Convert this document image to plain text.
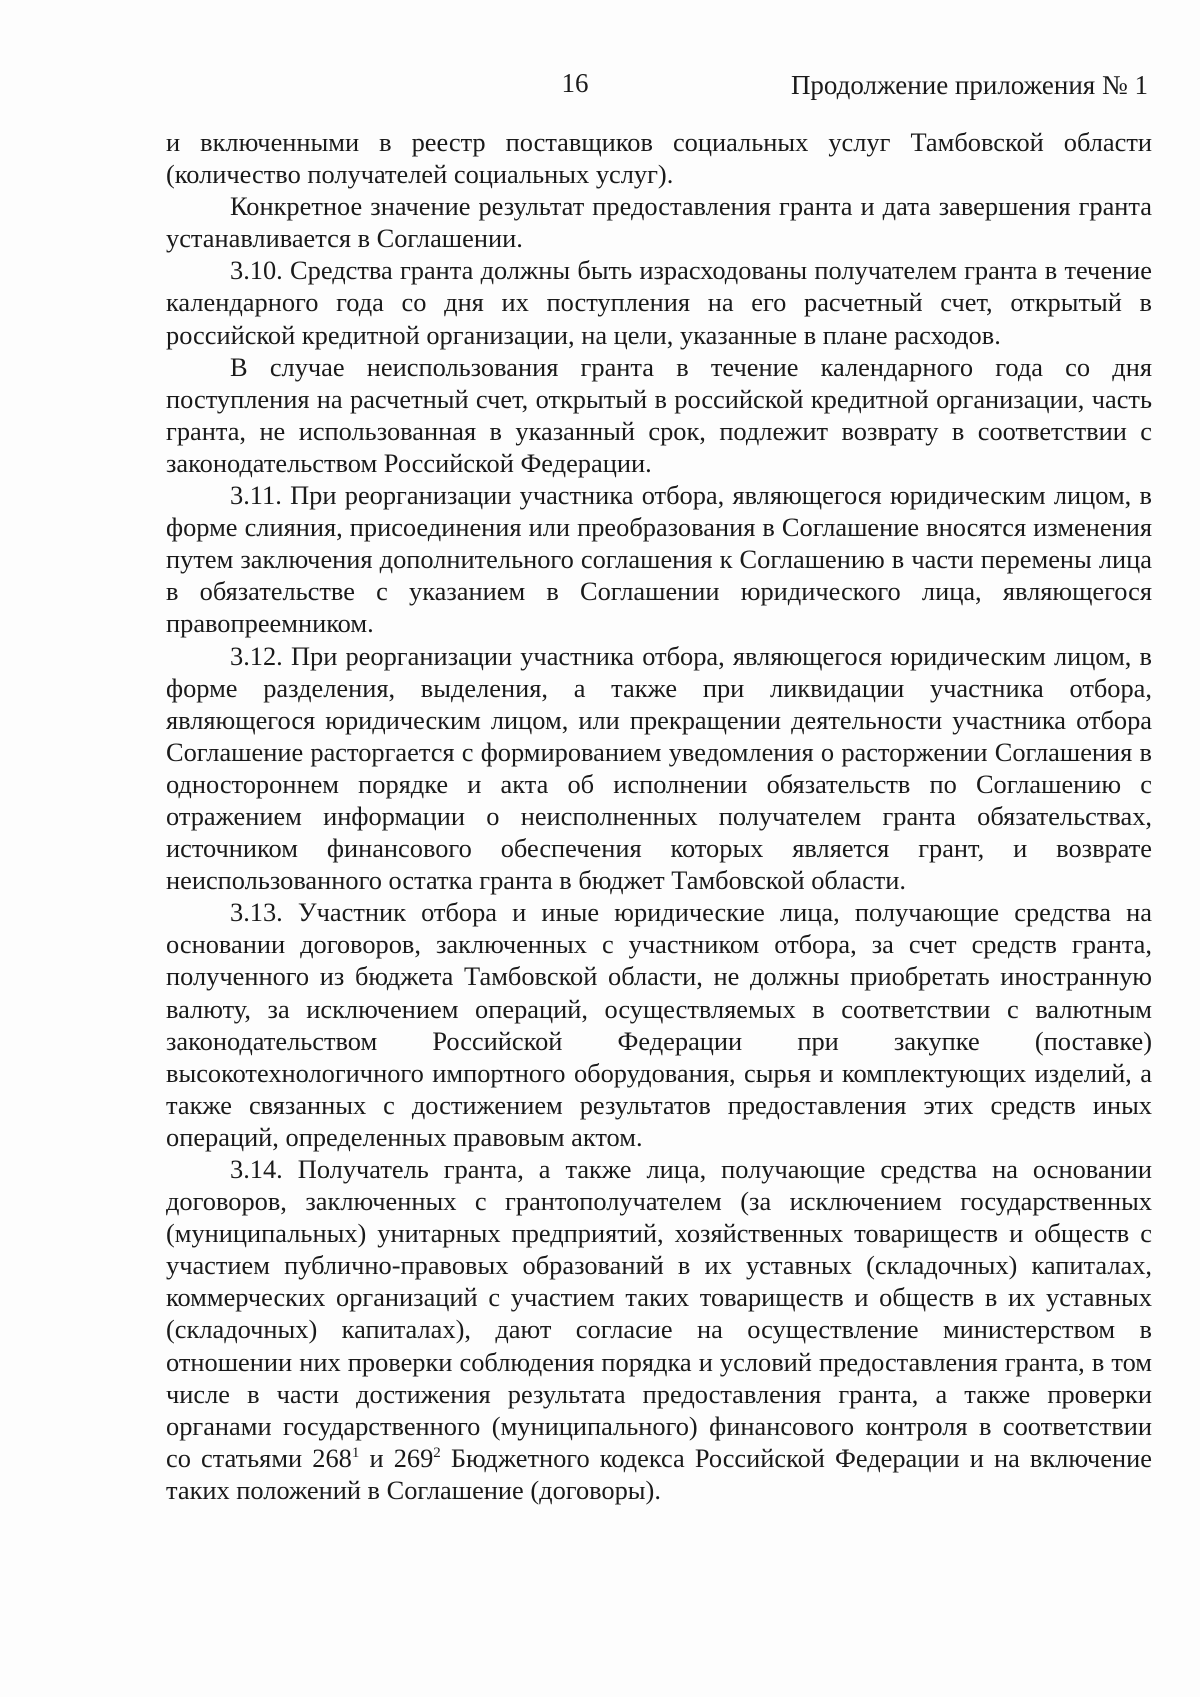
16	Продолжение приложения № 1

и включенными в реестр поставщиков социальных услуг Тамбовской области (количество получателей социальных услуг).

Конкретное значение результат предоставления гранта и дата завершения гранта устанавливается в Соглашении.

3.10. Средства гранта должны быть израсходованы получателем гранта в течение календарного года со дня их поступления на его расчетный счет, открытый в российской кредитной организации, на цели, указанные в плане расходов.

В случае неиспользования гранта в течение календарного года со дня поступления на расчетный счет, открытый в российской кредитной организации, часть гранта, не использованная в указанный срок, подлежит возврату в соответствии с законодательством Российской Федерации.

3.11. При реорганизации участника отбора, являющегося юридическим лицом, в форме слияния, присоединения или преобразования в Соглашение вносятся изменения путем заключения дополнительного соглашения к Соглашению в части перемены лица в обязательстве с указанием в Соглашении юридического лица, являющегося правопреемником.

3.12. При реорганизации участника отбора, являющегося юридическим лицом, в форме разделения, выделения, а также при ликвидации участника отбора, являющегося юридическим лицом, или прекращении деятельности участника отбора Соглашение расторгается с формированием уведомления о расторжении Соглашения в одностороннем порядке и акта об исполнении обязательств по Соглашению с отражением информации о неисполненных получателем гранта обязательствах, источником финансового обеспечения которых является грант, и возврате неиспользованного остатка гранта в бюджет Тамбовской области.

3.13. Участник отбора и иные юридические лица, получающие средства на основании договоров, заключенных с участником отбора, за счет средств гранта, полученного из бюджета Тамбовской области, не должны приобретать иностранную валюту, за исключением операций, осуществляемых в соответствии с валютным законодательством Российской Федерации при закупке (поставке) высокотехнологичного импортного оборудования, сырья и комплектующих изделий, а также связанных с достижением результатов предоставления этих средств иных операций, определенных правовым актом.

3.14. Получатель гранта, а также лица, получающие средства на основании договоров, заключенных с грантополучателем (за исключением государственных (муниципальных) унитарных предприятий, хозяйственных товариществ и обществ с участием публично-правовых образований в их уставных (складочных) капиталах, коммерческих организаций с участием таких товариществ и обществ в их уставных (складочных) капиталах), дают согласие на осуществление министерством в отношении них проверки соблюдения порядка и условий предоставления гранта, в том числе в части достижения результата предоставления гранта, а также проверки органами государственного (муниципального) финансового контроля в соответствии со статьями $268^1$ и $269^2$ Бюджетного кодекса Российской Федерации и на включение таких положений в Соглашение (договоры).
